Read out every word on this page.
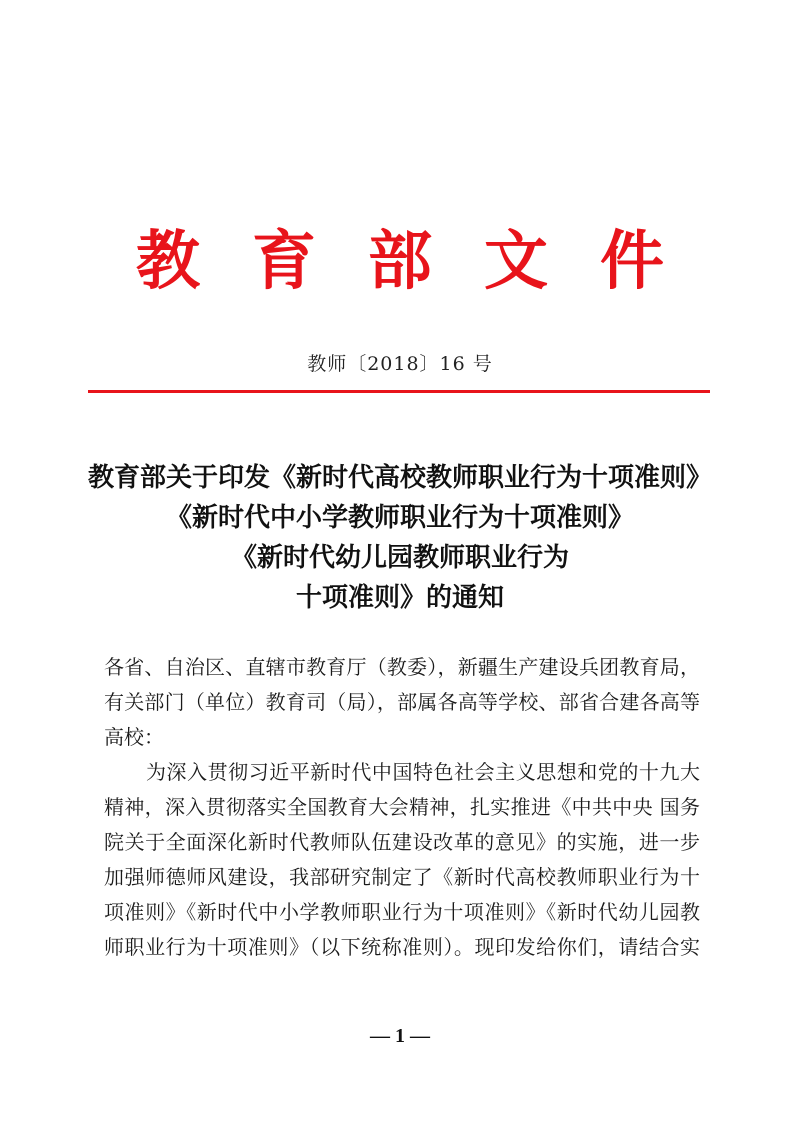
教育部文件
教师〔2018〕16 号
教育部关于印发《新时代高校教师职业行为十项准则》
《新时代中小学教师职业行为十项准则》
《新时代幼儿园教师职业行为
十项准则》的通知
各省、自治区、直辖市教育厅（教委），新疆生产建设兵团教育局，
有关部门（单位）教育司（局），部属各高等学校、部省合建各高等
高校：
为深入贯彻习近平新时代中国特色社会主义思想和党的十九大
精神，深入贯彻落实全国教育大会精神，扎实推进《中共中央 国务
院关于全面深化新时代教师队伍建设改革的意见》的实施，进一步
加强师德师风建设，我部研究制定了《新时代高校教师职业行为十
项准则》《新时代中小学教师职业行为十项准则》《新时代幼儿园教
师职业行为十项准则》（以下统称准则）。现印发给你们，请结合实
— 1 —
